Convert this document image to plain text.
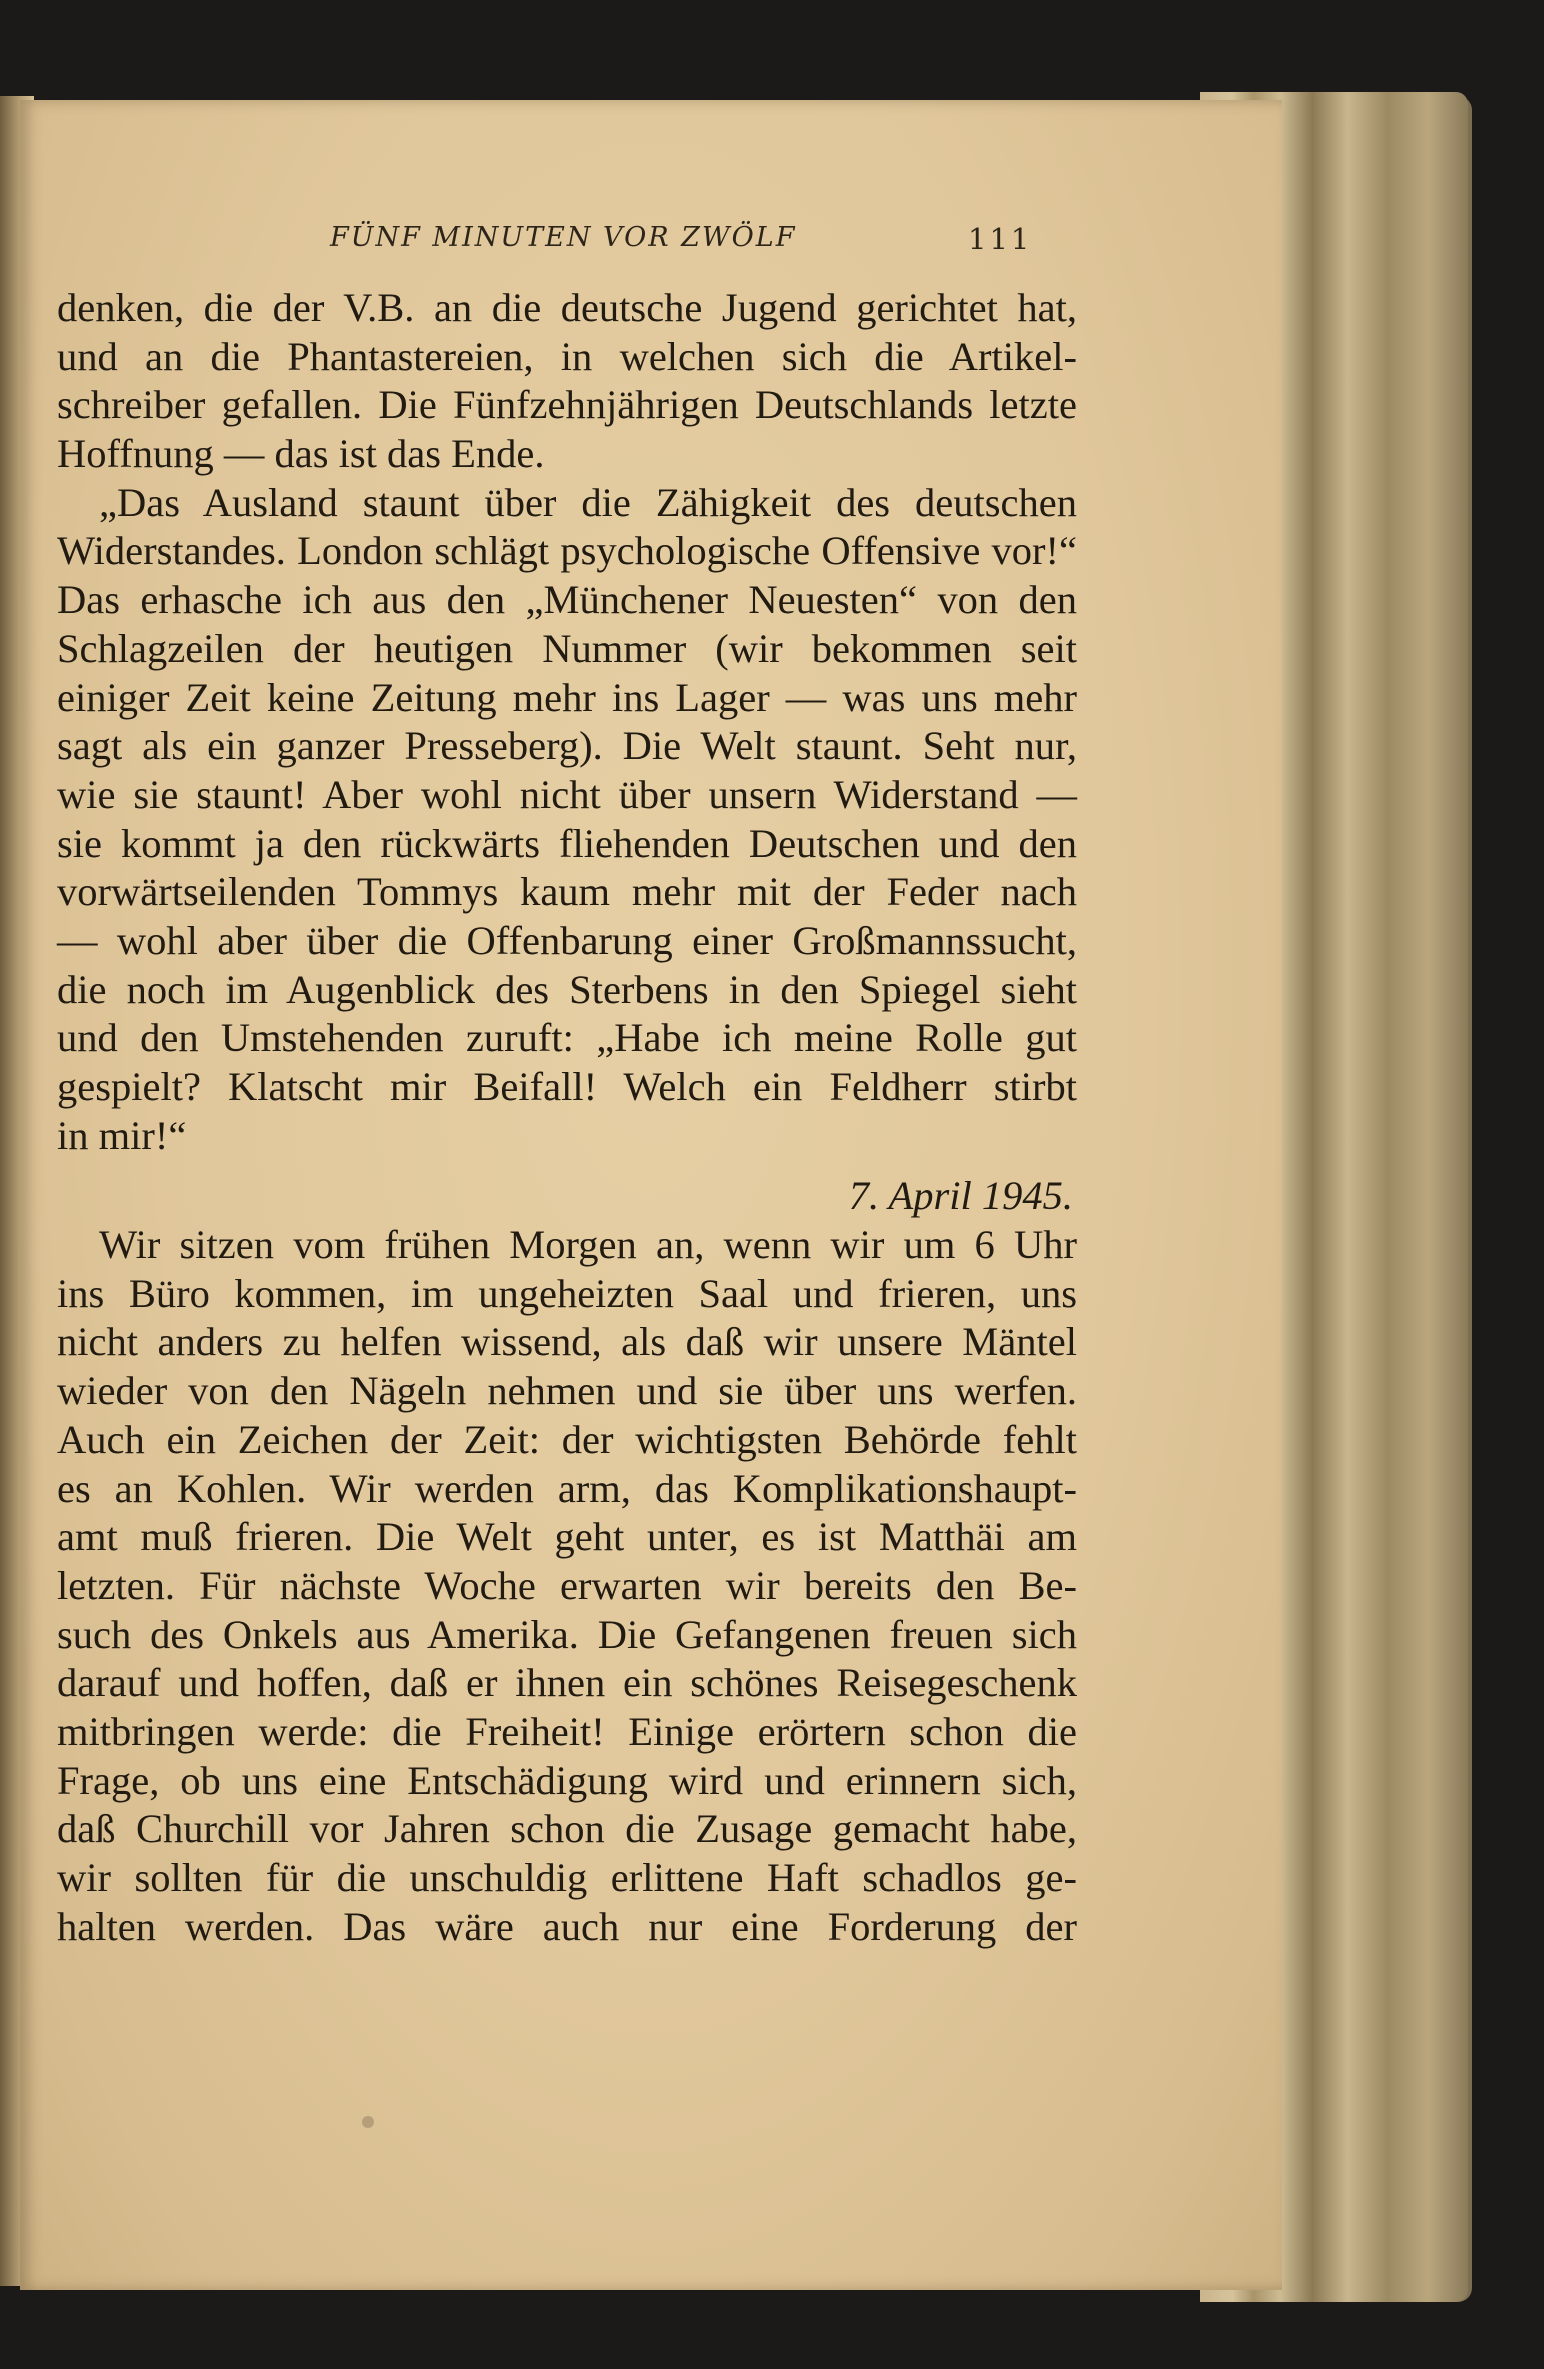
FÜNF MINUTEN VOR ZWÖLF	111
denken, die der V.B. an die deutsche Jugend gerichtet hat,
und an die Phantastereien, in welchen sich die Artikel-
schreiber gefallen. Die Fünfzehnjährigen Deutschlands letzte
Hoffnung — das ist das Ende.
„Das Ausland staunt über die Zähigkeit des deutschen
Widerstandes. London schlägt psychologische Offensive vor!“
Das erhasche ich aus den „Münchener Neuesten“ von den
Schlagzeilen der heutigen Nummer (wir bekommen seit
einiger Zeit keine Zeitung mehr ins Lager — was uns mehr
sagt als ein ganzer Presseberg). Die Welt staunt. Seht nur,
wie sie staunt! Aber wohl nicht über unsern Widerstand —
sie kommt ja den rückwärts fliehenden Deutschen und den
vorwärtseilenden Tommys kaum mehr mit der Feder nach
— wohl aber über die Offenbarung einer Großmannssucht,
die noch im Augenblick des Sterbens in den Spiegel sieht
und den Umstehenden zuruft: „Habe ich meine Rolle gut
gespielt? Klatscht mir Beifall! Welch ein Feldherr stirbt
in mir!“
7. April 1945.
Wir sitzen vom frühen Morgen an, wenn wir um 6 Uhr
ins Büro kommen, im ungeheizten Saal und frieren, uns
nicht anders zu helfen wissend, als daß wir unsere Mäntel
wieder von den Nägeln nehmen und sie über uns werfen.
Auch ein Zeichen der Zeit: der wichtigsten Behörde fehlt
es an Kohlen. Wir werden arm, das Komplikationshaupt-
amt muß frieren. Die Welt geht unter, es ist Matthäi am
letzten. Für nächste Woche erwarten wir bereits den Be-
such des Onkels aus Amerika. Die Gefangenen freuen sich
darauf und hoffen, daß er ihnen ein schönes Reisegeschenk
mitbringen werde: die Freiheit! Einige erörtern schon die
Frage, ob uns eine Entschädigung wird und erinnern sich,
daß Churchill vor Jahren schon die Zusage gemacht habe,
wir sollten für die unschuldig erlittene Haft schadlos ge-
halten werden. Das wäre auch nur eine Forderung der
